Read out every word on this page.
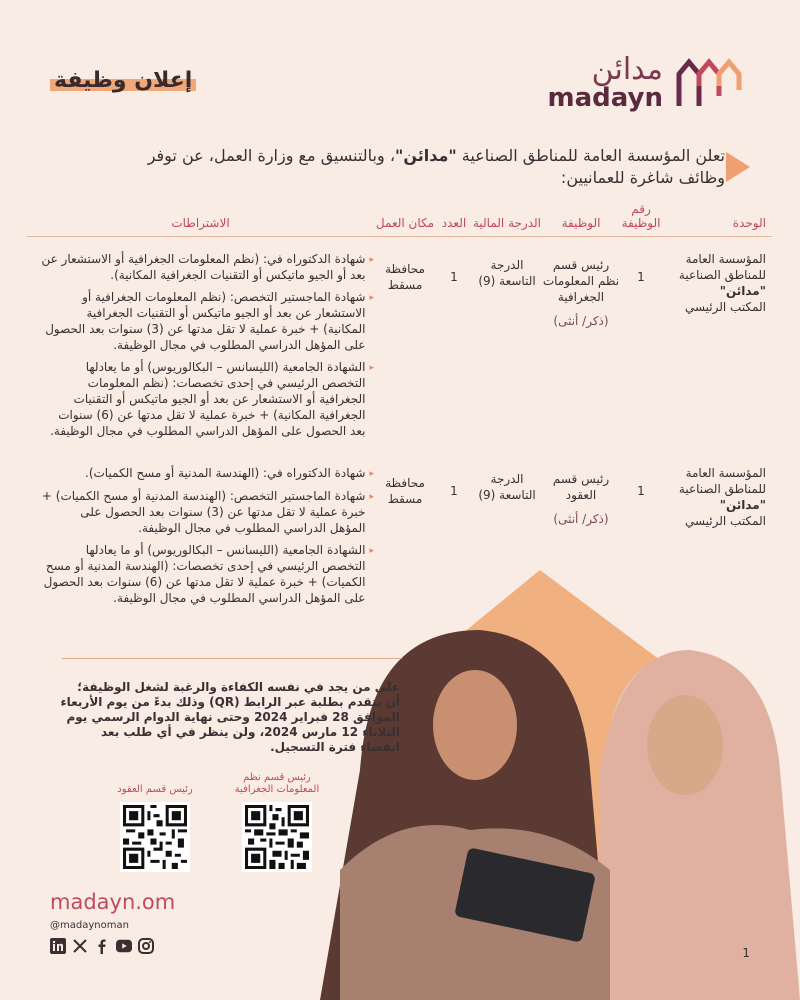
مدائن
madayn
إعلان وظيفة
تعلن المؤسسة العامة للمناطق الصناعية "مدائن"، وبالتنسيق مع وزارة العمل، عن توفر وظائف شاغرة للعمانيين:
الوحدة
رقم الوظيفة
الوظيفة
الدرجة المالية
العدد
مكان العمل
الاشتراطات
المؤسسة العامة للمناطق الصناعية "مدائن"
المكتب الرئيسي
1
رئيس قسم نظم المعلومات الجغرافية
(ذكر/ أنثى)
الدرجة التاسعة (9)
1
محافظة مسقط
▸
شهادة الدكتوراه في: (نظم المعلومات الجغرافية أو الاستشعار عن بعد أو الجيو ماتيكس أو التقنيات الجغرافية المكانية).
▸
شهادة الماجستير التخصص: (نظم المعلومات الجغرافية أو الاستشعار عن بعد أو الجيو ماتيكس أو التقنيات الجغرافية المكانية) + خبرة عملية لا تقل مدتها عن (3) سنوات بعد الحصول على المؤهل الدراسي المطلوب في مجال الوظيفة.
▸
الشهادة الجامعية (الليسانس – البكالوريوس) أو ما يعادلها التخصص الرئيسي في إحدى تخصصات: (نظم المعلومات الجغرافية أو الاستشعار عن بعد أو الجيو ماتيكس أو التقنيات الجغرافية المكانية) + خبرة عملية لا تقل مدتها عن (6) سنوات بعد الحصول على المؤهل الدراسي المطلوب في مجال الوظيفة.
المؤسسة العامة للمناطق الصناعية "مدائن"
المكتب الرئيسي
1
رئيس قسم العقود
(ذكر/ أنثى)
الدرجة التاسعة (9)
1
محافظة مسقط
▸
شهادة الدكتوراه في: (الهندسة المدنية أو مسح الكميات).
▸
شهادة الماجستير التخصص: (الهندسة المدنية أو مسح الكميات) + خبرة عملية لا تقل مدتها عن (3) سنوات بعد الحصول على المؤهل الدراسي المطلوب في مجال الوظيفة.
▸
الشهادة الجامعية (الليسانس – البكالوريوس) أو ما يعادلها التخصص الرئيسي في إحدى تخصصات: (الهندسة المدنية أو مسح الكميات) + خبرة عملية لا تقل مدتها عن (6) سنوات بعد الحصول على المؤهل الدراسي المطلوب في مجال الوظيفة.
على من يجد في نفسه الكفاءة والرغبة لشغل الوظيفة؛ أن يتقدم بطلبة عبر الرابط (QR) وذلك بدءً من يوم الأربعاء الموافق 28 فبراير 2024 وحتى نهاية الدوام الرسمي يوم الثلاثاء 12 مارس 2024، ولن ينظر في أي طلب بعد انقضاء فترة التسجيل.
رئيس قسم نظم المعلومات الجغرافية
رئيس قسم العقود
madayn.om
@madaynoman
1
